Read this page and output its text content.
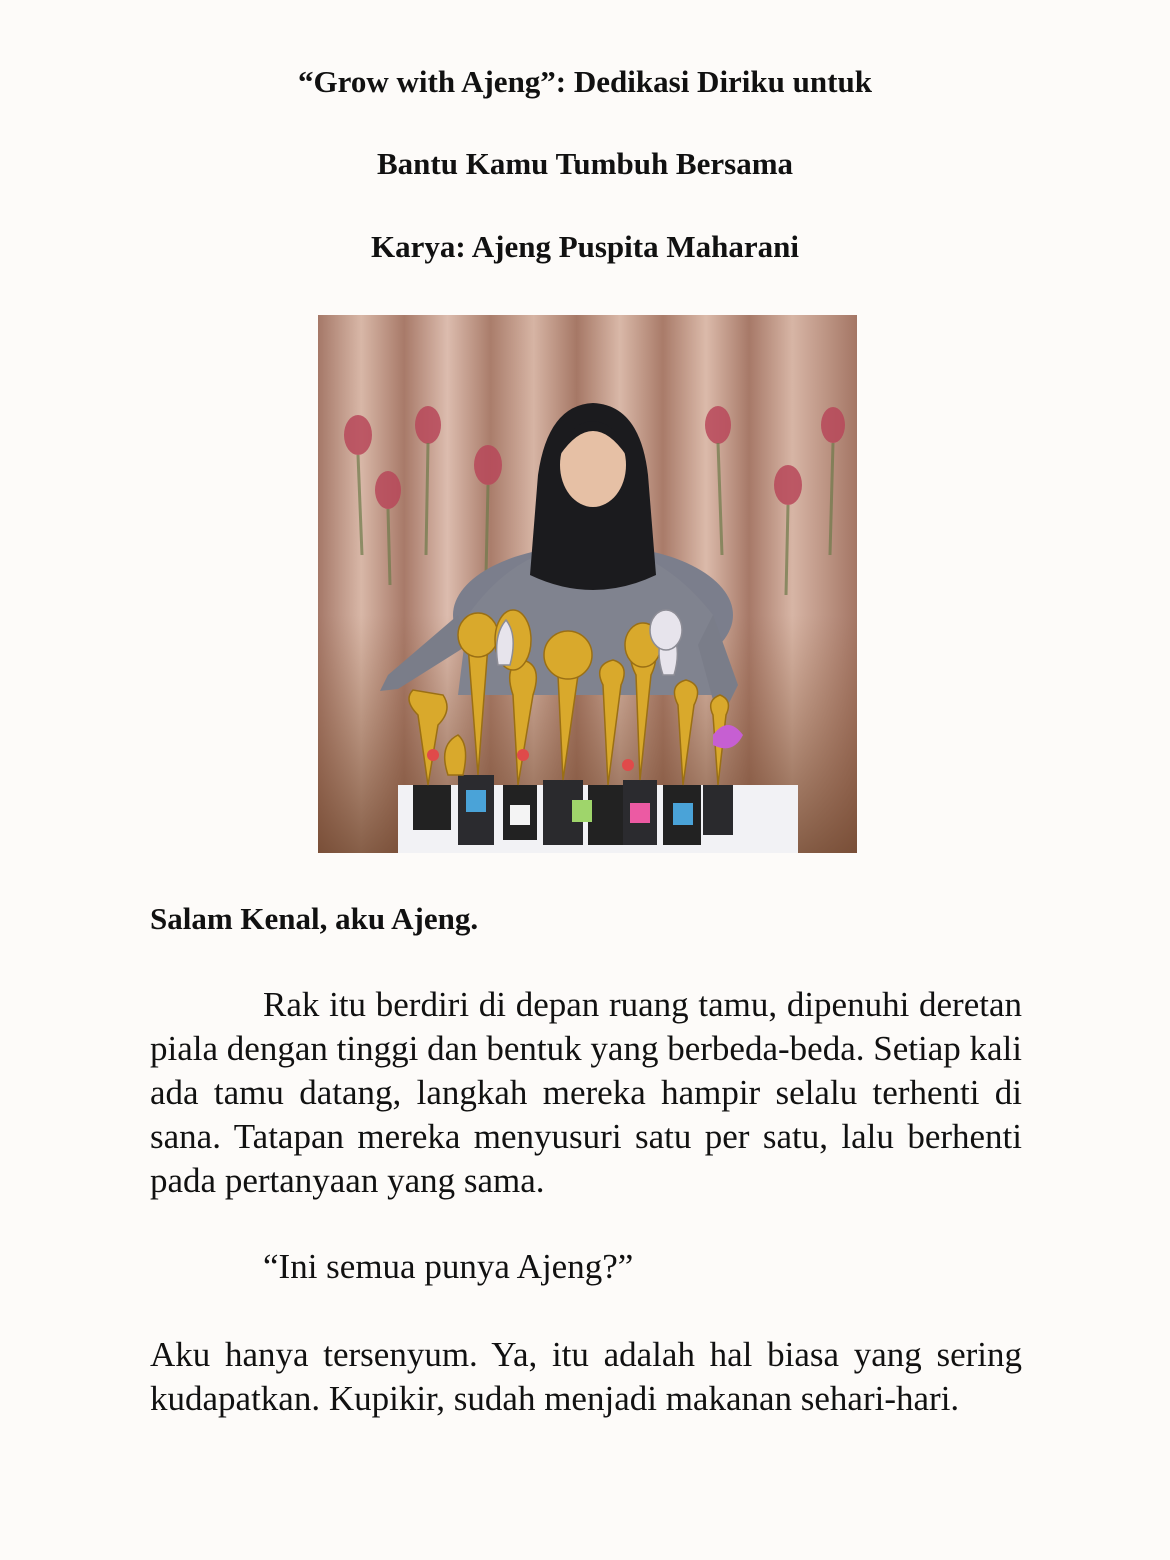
“Grow with Ajeng”: Dedikasi Diriku untuk
Bantu Kamu Tumbuh Bersama

Karya: Ajeng Puspita Maharani

Salam Kenal, aku Ajeng.

Rak itu berdiri di depan ruang tamu, dipenuhi deretan piala dengan tinggi dan bentuk yang berbeda-beda. Setiap kali ada tamu datang, langkah mereka hampir selalu terhenti di sana. Tatapan mereka menyusuri satu per satu, lalu berhenti pada pertanyaan yang sama.

“Ini semua punya Ajeng?”

Aku hanya tersenyum. Ya, itu adalah hal biasa yang sering kudapatkan. Kupikir, sudah menjadi makanan sehari-hari.
